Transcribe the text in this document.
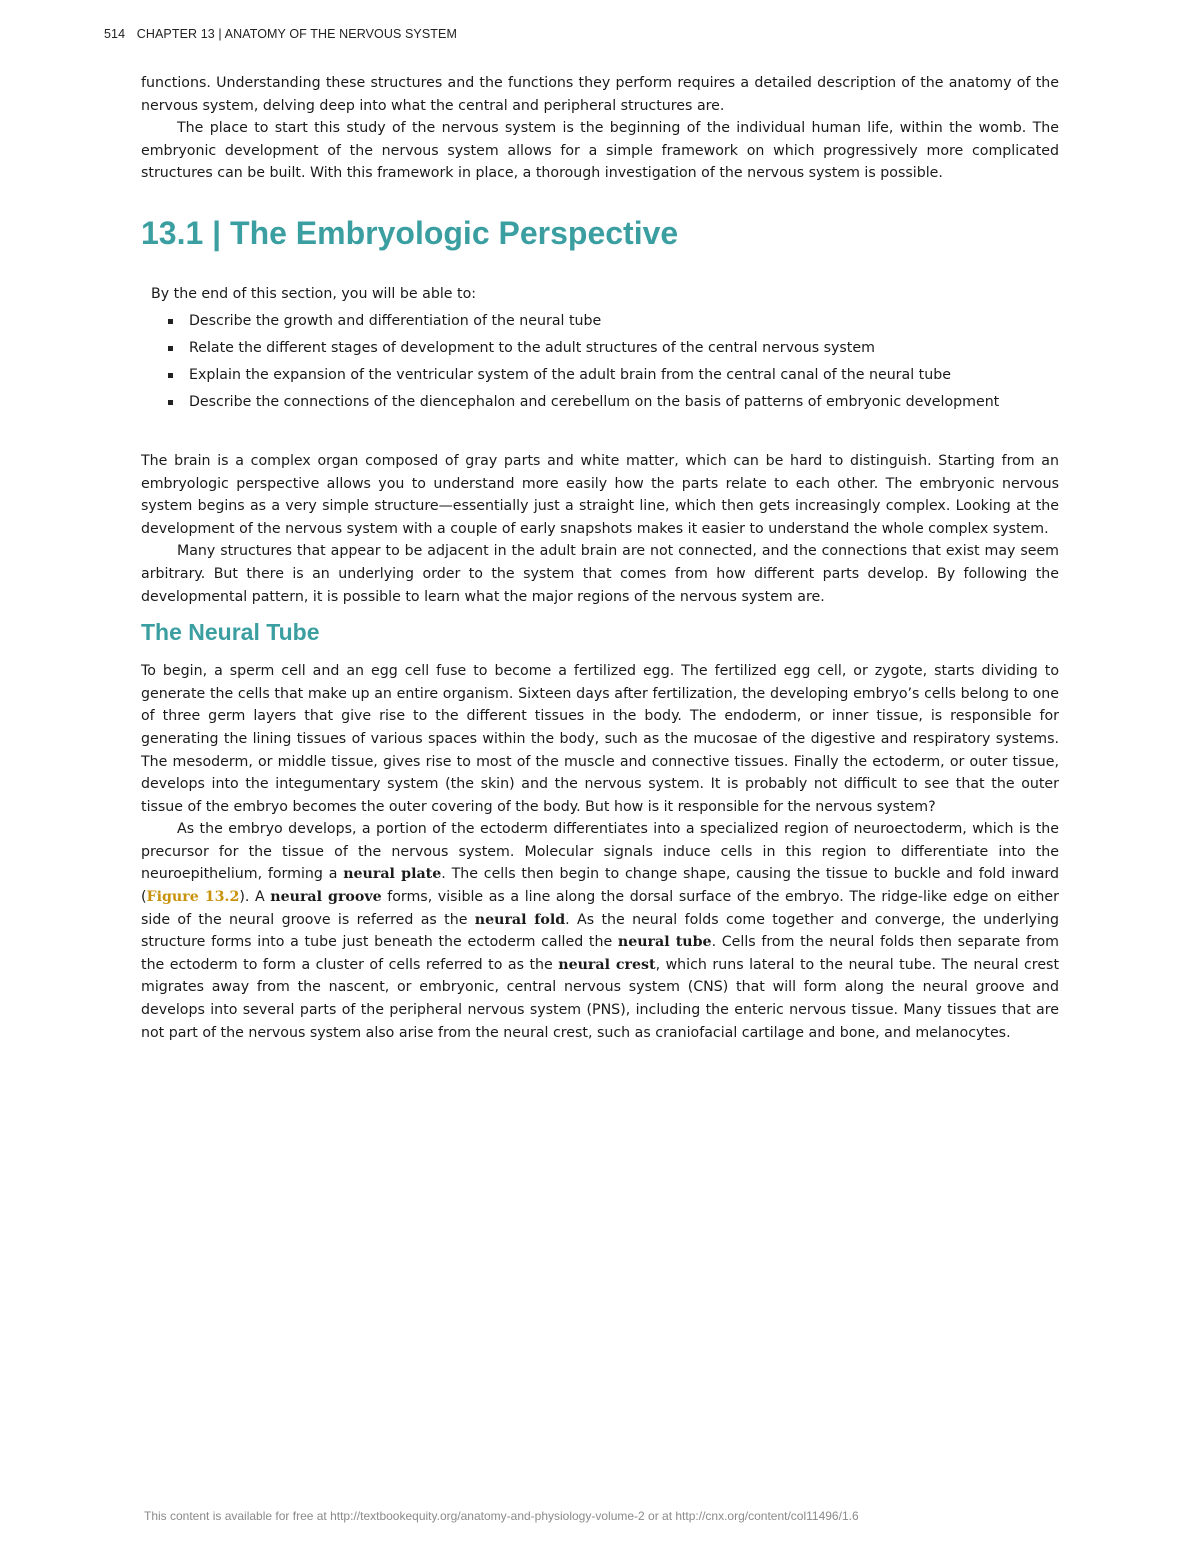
514 CHAPTER 13 | ANATOMY OF THE NERVOUS SYSTEM

functions. Understanding these structures and the functions they perform requires a detailed description of the anatomy of the nervous system, delving deep into what the central and peripheral structures are.

The place to start this study of the nervous system is the beginning of the individual human life, within the womb. The embryonic development of the nervous system allows for a simple framework on which progressively more complicated structures can be built. With this framework in place, a thorough investigation of the nervous system is possible.

13.1 | The Embryologic Perspective
By the end of this section, you will be able to:
Describe the growth and differentiation of the neural tube
Relate the different stages of development to the adult structures of the central nervous system
Explain the expansion of the ventricular system of the adult brain from the central canal of the neural tube
Describe the connections of the diencephalon and cerebellum on the basis of patterns of embryonic development

The brain is a complex organ composed of gray parts and white matter, which can be hard to distinguish. Starting from an embryologic perspective allows you to understand more easily how the parts relate to each other. The embryonic nervous system begins as a very simple structure—essentially just a straight line, which then gets increasingly complex. Looking at the development of the nervous system with a couple of early snapshots makes it easier to understand the whole complex system.

Many structures that appear to be adjacent in the adult brain are not connected, and the connections that exist may seem arbitrary. But there is an underlying order to the system that comes from how different parts develop. By following the developmental pattern, it is possible to learn what the major regions of the nervous system are.

The Neural Tube

To begin, a sperm cell and an egg cell fuse to become a fertilized egg. The fertilized egg cell, or zygote, starts dividing to generate the cells that make up an entire organism. Sixteen days after fertilization, the developing embryo’s cells belong to one of three germ layers that give rise to the different tissues in the body. The endoderm, or inner tissue, is responsible for generating the lining tissues of various spaces within the body, such as the mucosae of the digestive and respiratory systems. The mesoderm, or middle tissue, gives rise to most of the muscle and connective tissues. Finally the ectoderm, or outer tissue, develops into the integumentary system (the skin) and the nervous system. It is probably not difficult to see that the outer tissue of the embryo becomes the outer covering of the body. But how is it responsible for the nervous system?

As the embryo develops, a portion of the ectoderm differentiates into a specialized region of neuroectoderm, which is the precursor for the tissue of the nervous system. Molecular signals induce cells in this region to differentiate into the neuroepithelium, forming a neural plate. The cells then begin to change shape, causing the tissue to buckle and fold inward (Figure 13.2). A neural groove forms, visible as a line along the dorsal surface of the embryo. The ridge-like edge on either side of the neural groove is referred as the neural fold. As the neural folds come together and converge, the underlying structure forms into a tube just beneath the ectoderm called the neural tube. Cells from the neural folds then separate from the ectoderm to form a cluster of cells referred to as the neural crest, which runs lateral to the neural tube. The neural crest migrates away from the nascent, or embryonic, central nervous system (CNS) that will form along the neural groove and develops into several parts of the peripheral nervous system (PNS), including the enteric nervous tissue. Many tissues that are not part of the nervous system also arise from the neural crest, such as craniofacial cartilage and bone, and melanocytes.

This content is available for free at http://textbookequity.org/anatomy-and-physiology-volume-2 or at http://cnx.org/content/col11496/1.6
